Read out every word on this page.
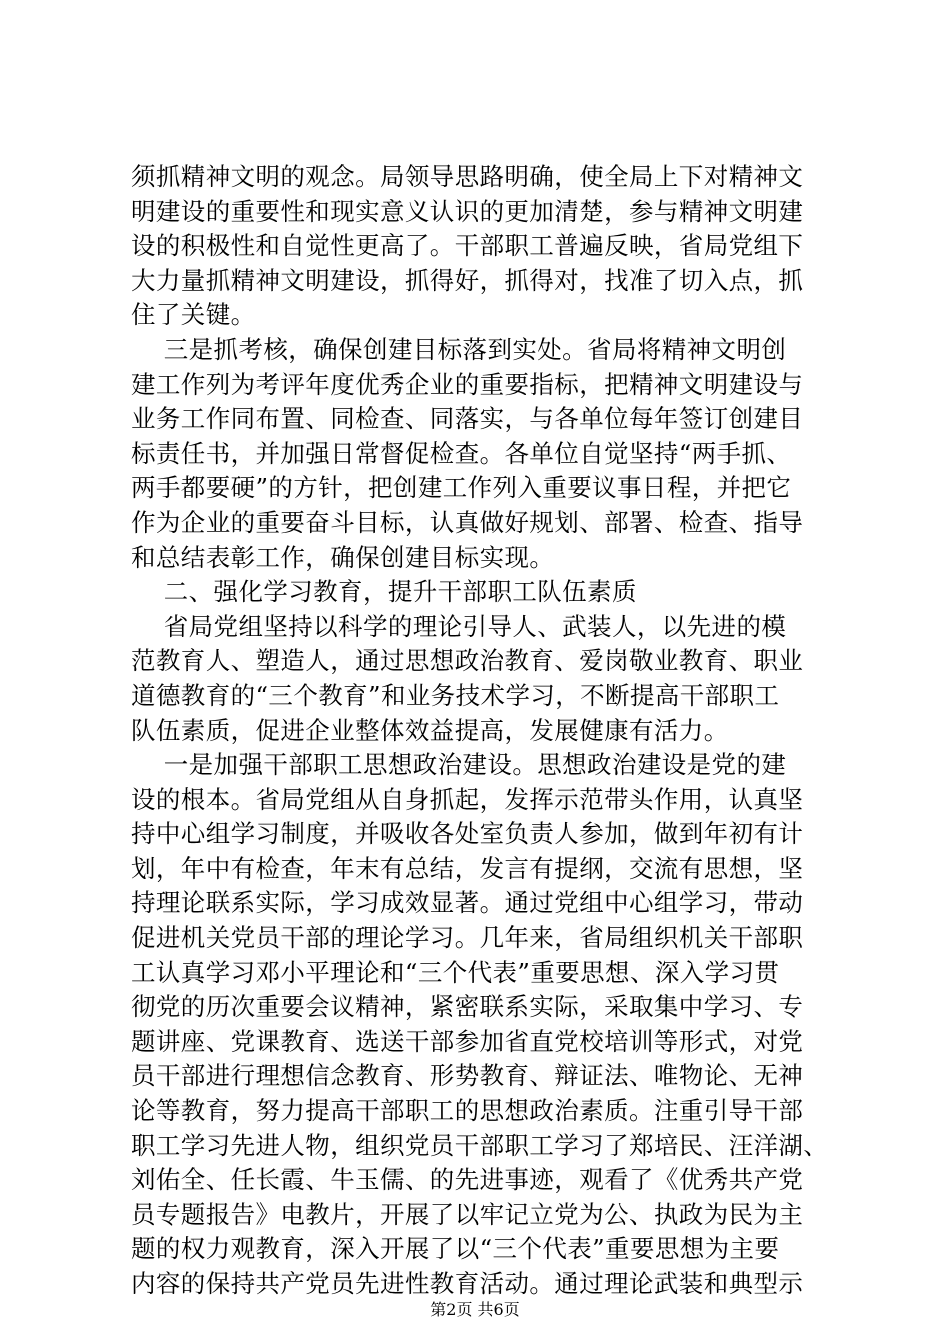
须抓精神文明的观念。局领导思路明确，使全局上下对精神文
明建设的重要性和现实意义认识的更加清楚，参与精神文明建
设的积极性和自觉性更高了。干部职工普遍反映，省局党组下
大力量抓精神文明建设，抓得好，抓得对，找准了切入点，抓
住了关键。
三是抓考核，确保创建目标落到实处。省局将精神文明创
建工作列为考评年度优秀企业的重要指标，把精神文明建设与
业务工作同布置、同检查、同落实，与各单位每年签订创建目
标责任书，并加强日常督促检查。各单位自觉坚持“两手抓、
两手都要硬”的方针，把创建工作列入重要议事日程，并把它
作为企业的重要奋斗目标，认真做好规划、部署、检查、指导
和总结表彰工作，确保创建目标实现。
二、强化学习教育，提升干部职工队伍素质
省局党组坚持以科学的理论引导人、武装人，以先进的模
范教育人、塑造人，通过思想政治教育、爱岗敬业教育、职业
道德教育的“三个教育”和业务技术学习，不断提高干部职工
队伍素质，促进企业整体效益提高，发展健康有活力。
一是加强干部职工思想政治建设。思想政治建设是党的建
设的根本。省局党组从自身抓起，发挥示范带头作用，认真坚
持中心组学习制度，并吸收各处室负责人参加，做到年初有计
划，年中有检查，年末有总结，发言有提纲，交流有思想，坚
持理论联系实际，学习成效显著。通过党组中心组学习，带动
促进机关党员干部的理论学习。几年来，省局组织机关干部职
工认真学习邓小平理论和“三个代表”重要思想、深入学习贯
彻党的历次重要会议精神，紧密联系实际，采取集中学习、专
题讲座、党课教育、选送干部参加省直党校培训等形式，对党
员干部进行理想信念教育、形势教育、辩证法、唯物论、无神
论等教育，努力提高干部职工的思想政治素质。注重引导干部
职工学习先进人物，组织党员干部职工学习了郑培民、汪洋湖、
刘佑全、任长霞、牛玉儒、的先进事迹，观看了《优秀共产党
员专题报告》电教片，开展了以牢记立党为公、执政为民为主
题的权力观教育，深入开展了以“三个代表”重要思想为主要
内容的保持共产党员先进性教育活动。通过理论武装和典型示
第2页 共6页
